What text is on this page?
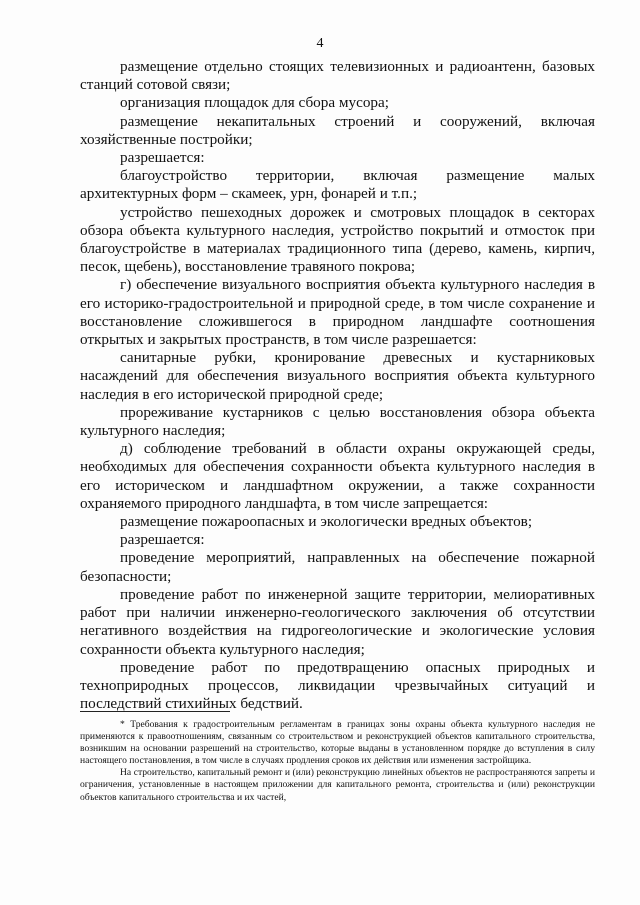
4

размещение отдельно стоящих телевизионных и радиоантенн, базовых станций сотовой связи;

организация площадок для сбора мусора;

размещение некапитальных строений и сооружений, включая хозяйственные постройки;

разрешается:

благоустройство территории, включая размещение малых архитектурных форм – скамеек, урн, фонарей и т.п.;

устройство пешеходных дорожек и смотровых площадок в секторах обзора объекта культурного наследия, устройство покрытий и отмосток при благоустройстве в материалах традиционного типа (дерево, камень, кирпич, песок, щебень), восстановление травяного покрова;

г) обеспечение визуального восприятия объекта культурного наследия в его историко-градостроительной и природной среде, в том числе сохранение и восстановление сложившегося в природном ландшафте соотношения открытых и закрытых пространств, в том числе разрешается:

санитарные рубки, кронирование древесных и кустарниковых насаждений для обеспечения визуального восприятия объекта культурного наследия в его исторической природной среде;

прореживание кустарников с целью восстановления обзора объекта культурного наследия;

д) соблюдение требований в области охраны окружающей среды, необходимых для обеспечения сохранности объекта культурного наследия в его историческом и ландшафтном окружении, а также сохранности охраняемого природного ландшафта, в том числе запрещается:

размещение пожароопасных и экологически вредных объектов;

разрешается:

проведение мероприятий, направленных на обеспечение пожарной безопасности;

проведение работ по инженерной защите территории, мелиоративных работ при наличии инженерно-геологического заключения об отсутствии негативного воздействия на гидрогеологические и экологические условия сохранности объекта культурного наследия;

проведение работ по предотвращению опасных природных и техноприродных процессов, ликвидации чрезвычайных ситуаций и последствий стихийных бедствий.

* Требования к градостроительным регламентам в границах зоны охраны объекта культурного наследия не применяются к правоотношениям, связанным со строительством и реконструкцией объектов капитального строительства, возникшим на основании разрешений на строительство, которые выданы в установленном порядке до вступления в силу настоящего постановления, в том числе в случаях продления сроков их действия или изменения застройщика.

На строительство, капитальный ремонт и (или) реконструкцию линейных объектов не распространяются запреты и ограничения, установленные в настоящем приложении для капитального ремонта, строительства и (или) реконструкции объектов капитального строительства и их частей,
